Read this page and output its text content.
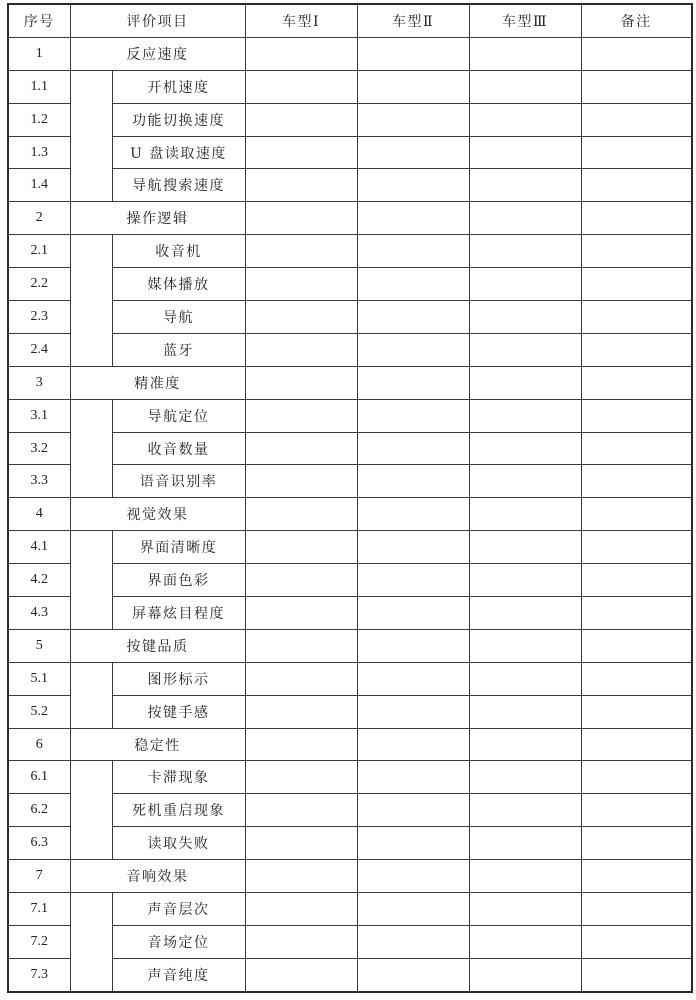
序号	评价项目		车型Ⅰ	车型Ⅱ	车型Ⅲ	备注
1	反应速度					
1.1		开机速度				
1.2		功能切换速度				
1.3		U 盘读取速度				
1.4		导航搜索速度				
2	操作逻辑					
2.1		收音机				
2.2		媒体播放				
2.3		导航				
2.4		蓝牙				
3	精准度					
3.1		导航定位				
3.2		收音数量				
3.3		语音识别率				
4	视觉效果					
4.1		界面清晰度				
4.2		界面色彩				
4.3		屏幕炫目程度				
5	按键品质					
5.1		图形标示				
5.2		按键手感				
6	稳定性					
6.1		卡滞现象				
6.2		死机重启现象				
6.3		读取失败				
7	音响效果					
7.1		声音层次				
7.2		音场定位				
7.3		声音纯度				
